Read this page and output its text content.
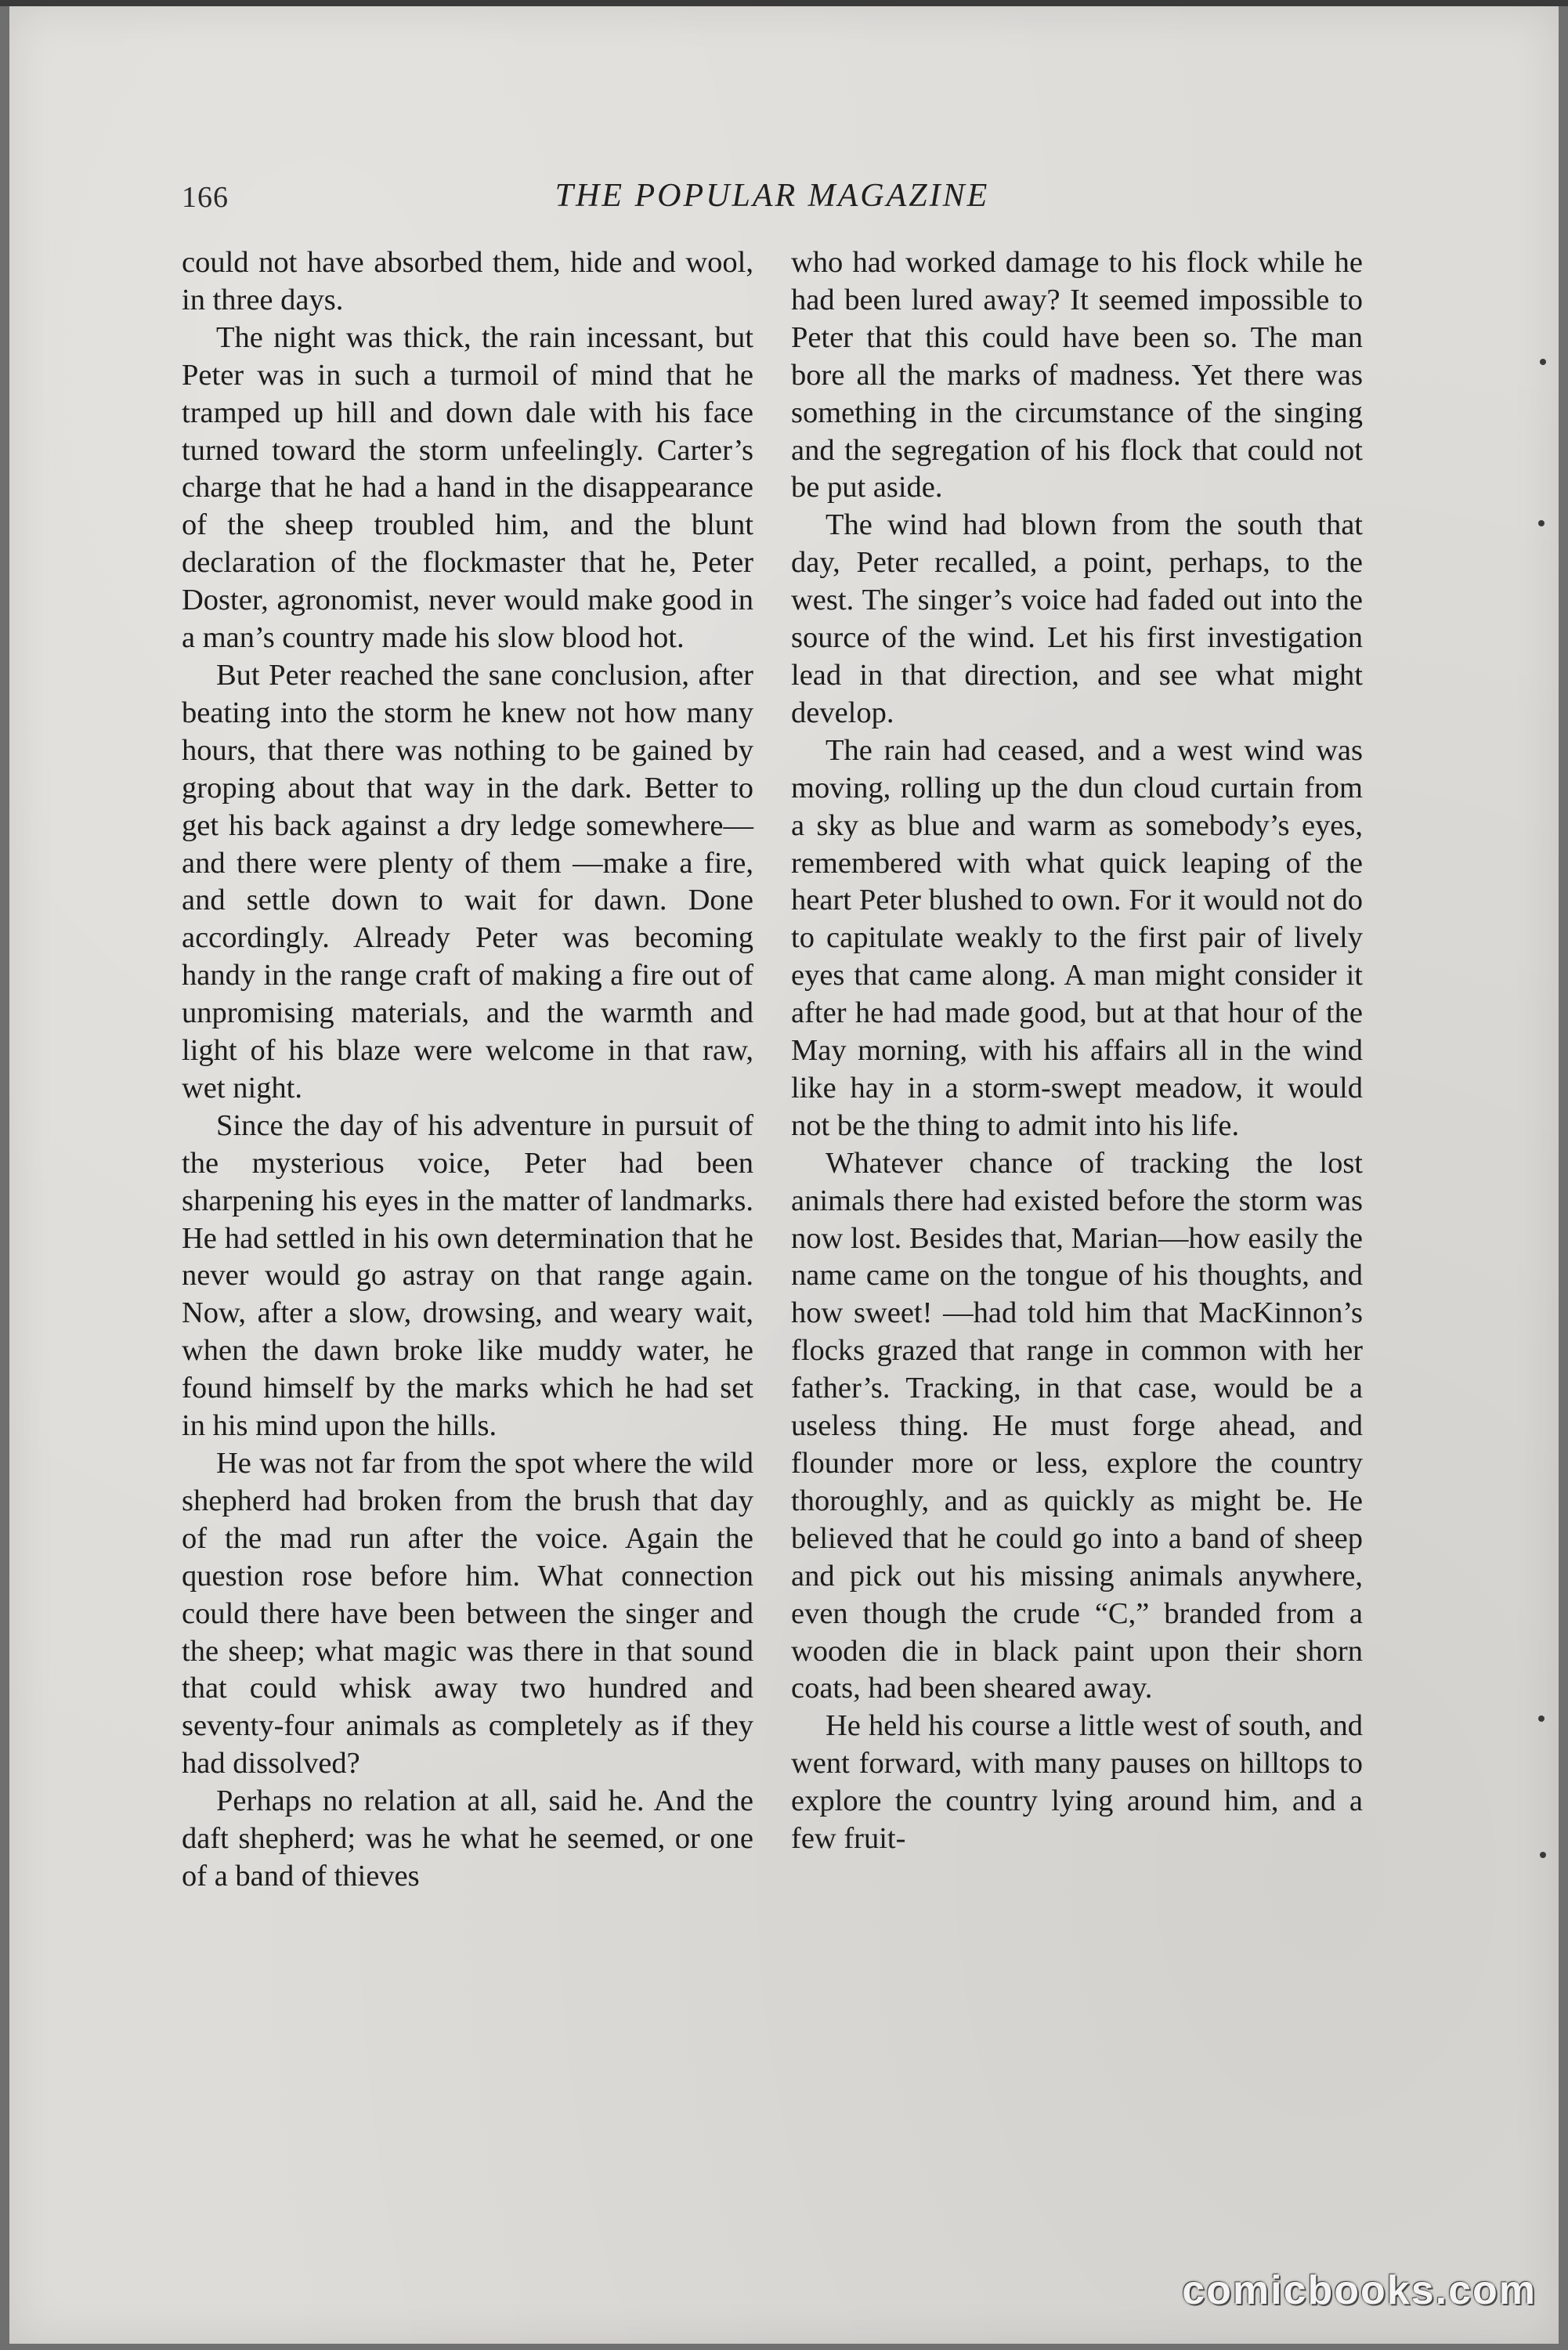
166	THE POPULAR MAGAZINE

could not have absorbed them, hide and wool, in three days.

The night was thick, the rain incessant, but Peter was in such a turmoil of mind that he tramped up hill and down dale with his face turned toward the storm unfeelingly. Carter’s charge that he had a hand in the disappearance of the sheep troubled him, and the blunt declaration of the flockmaster that he, Peter Doster, agronomist, never would make good in a man’s country made his slow blood hot.

But Peter reached the sane conclusion, after beating into the storm he knew not how many hours, that there was nothing to be gained by groping about that way in the dark. Better to get his back against a dry ledge somewhere—and there were plenty of them —make a fire, and settle down to wait for dawn. Done accordingly. Already Peter was becoming handy in the range craft of making a fire out of unpromising materials, and the warmth and light of his blaze were welcome in that raw, wet night.

Since the day of his adventure in pursuit of the mysterious voice, Peter had been sharpening his eyes in the matter of landmarks. He had settled in his own determination that he never would go astray on that range again. Now, after a slow, drowsing, and weary wait, when the dawn broke like muddy water, he found himself by the marks which he had set in his mind upon the hills.

He was not far from the spot where the wild shepherd had broken from the brush that day of the mad run after the voice. Again the question rose before him. What connection could there have been between the singer and the sheep; what magic was there in that sound that could whisk away two hundred and seventy-four animals as completely as if they had dissolved?

Perhaps no relation at all, said he. And the daft shepherd; was he what he seemed, or one of a band of thieves

who had worked damage to his flock while he had been lured away? It seemed impossible to Peter that this could have been so. The man bore all the marks of madness. Yet there was something in the circumstance of the singing and the segregation of his flock that could not be put aside.

The wind had blown from the south that day, Peter recalled, a point, perhaps, to the west. The singer’s voice had faded out into the source of the wind. Let his first investigation lead in that direction, and see what might develop.

The rain had ceased, and a west wind was moving, rolling up the dun cloud curtain from a sky as blue and warm as somebody’s eyes, remembered with what quick leaping of the heart Peter blushed to own. For it would not do to capitulate weakly to the first pair of lively eyes that came along. A man might consider it after he had made good, but at that hour of the May morning, with his affairs all in the wind like hay in a storm-swept meadow, it would not be the thing to admit into his life.

Whatever chance of tracking the lost animals there had existed before the storm was now lost. Besides that, Marian—how easily the name came on the tongue of his thoughts, and how sweet! —had told him that MacKinnon’s flocks grazed that range in common with her father’s. Tracking, in that case, would be a useless thing. He must forge ahead, and flounder more or less, explore the country thoroughly, and as quickly as might be. He believed that he could go into a band of sheep and pick out his missing animals anywhere, even though the crude “C,” branded from a wooden die in black paint upon their shorn coats, had been sheared away.

He held his course a little west of south, and went forward, with many pauses on hilltops to explore the country lying around him, and a few fruit-

comicbooks.com
